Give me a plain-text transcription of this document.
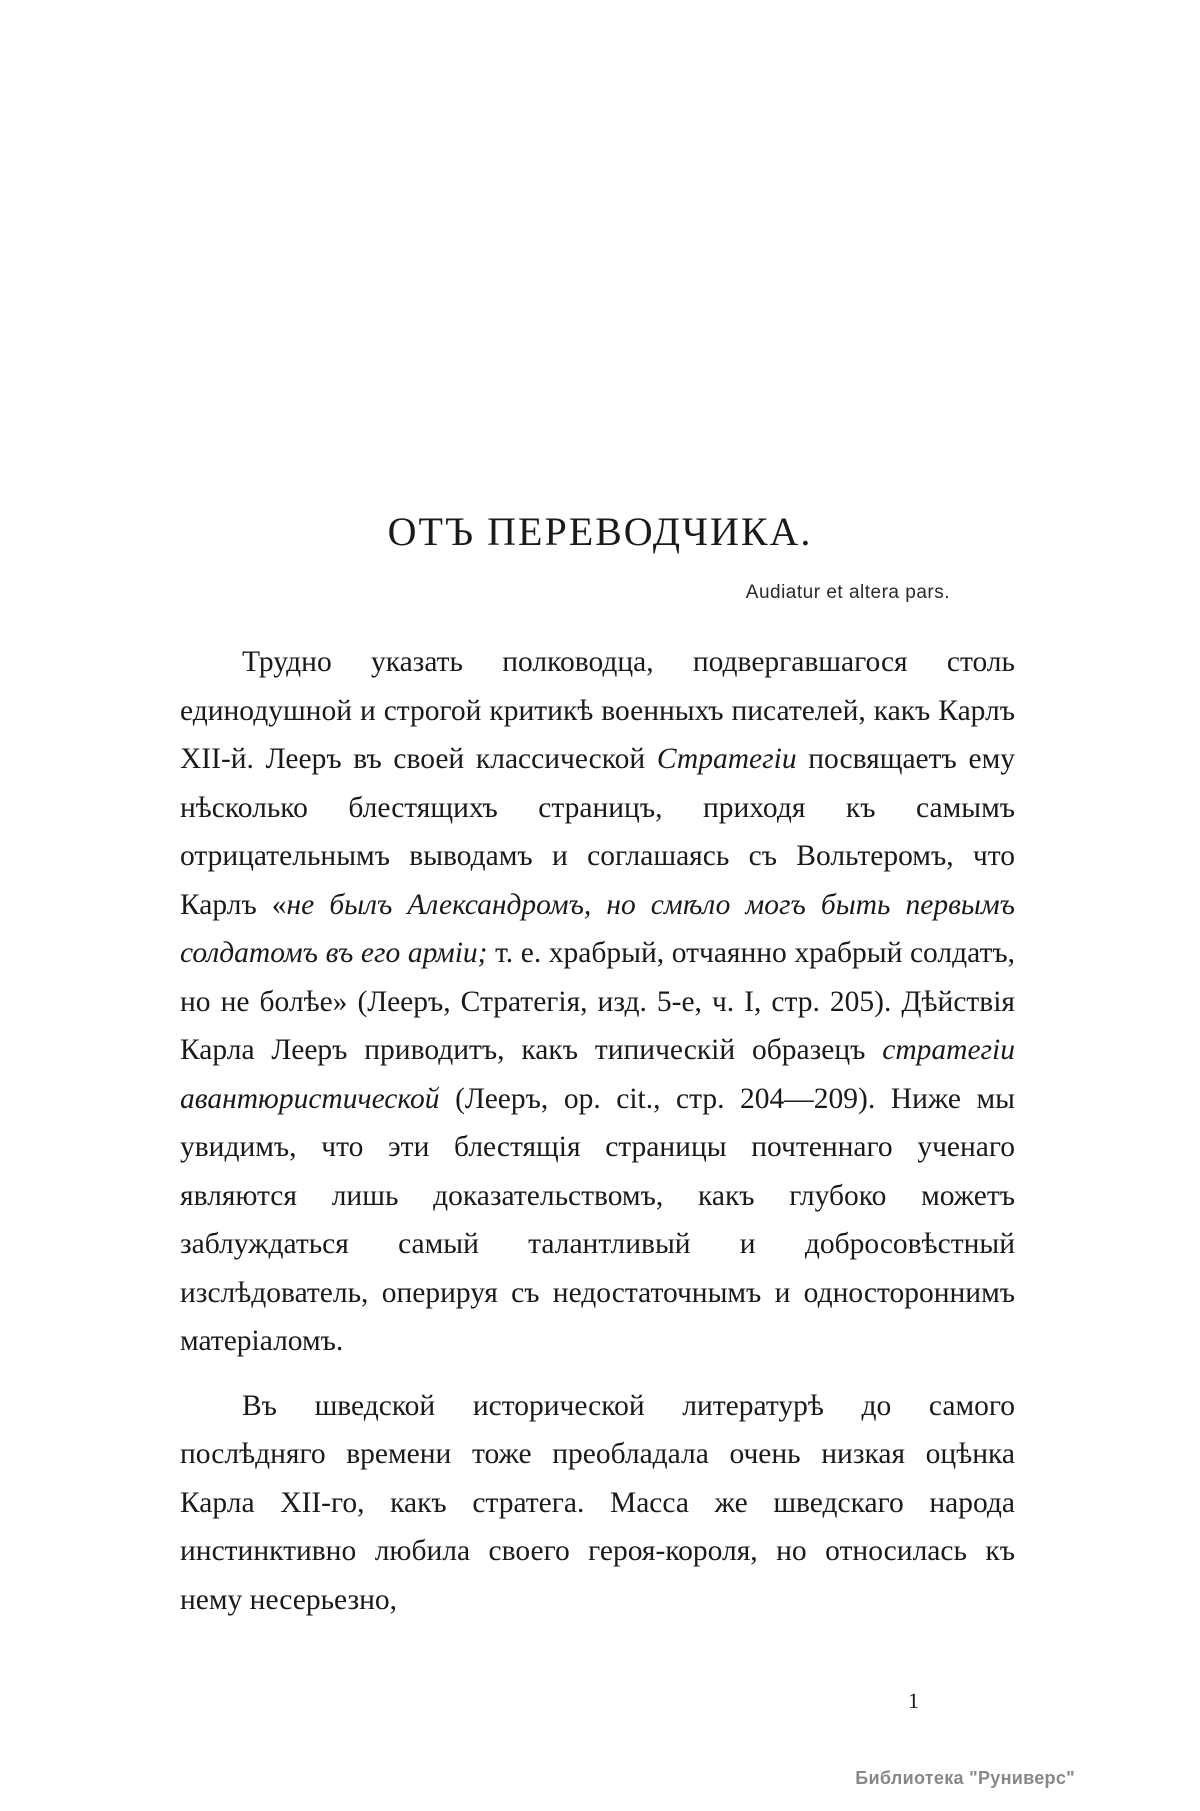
ОТЪ ПЕРЕВОДЧИКА.
Audiatur et altera pars.

Трудно указать полководца, подвергавшагося столь единодушной и строгой критикѣ военныхъ писателей, какъ Карлъ XII-й. Лееръ въ своей классической Стратегіи посвящаетъ ему нѣсколько блестящихъ страницъ, приходя къ самымъ отрицательнымъ выводамъ и соглашаясь съ Вольтеромъ, что Карлъ «не былъ Александромъ, но смѣло могъ быть первымъ солдатомъ въ его арміи; т. е. храбрый, отчаянно храбрый солдатъ, но не болѣе» (Лееръ, Стратегія, изд. 5-е, ч. I, стр. 205). Дѣйствія Карла Лееръ приводитъ, какъ типическій образецъ стратегіи авантюристической (Лееръ, op. cit., стр. 204—209). Ниже мы увидимъ, что эти блестящія страницы почтеннаго ученаго являются лишь доказательствомъ, какъ глубоко можетъ заблуждаться самый талантливый и добросовѣстный изслѣдователь, оперируя съ недостаточнымъ и одностороннимъ матеріаломъ.

Въ шведской исторической литературѣ до самого послѣдняго времени тоже преобладала очень низкая оцѣнка Карла XII-го, какъ стратега. Масса же шведскаго народа инстинктивно любила своего героя-короля, но относилась къ нему несерьезно,

1
Библиотека "Руниверс"
